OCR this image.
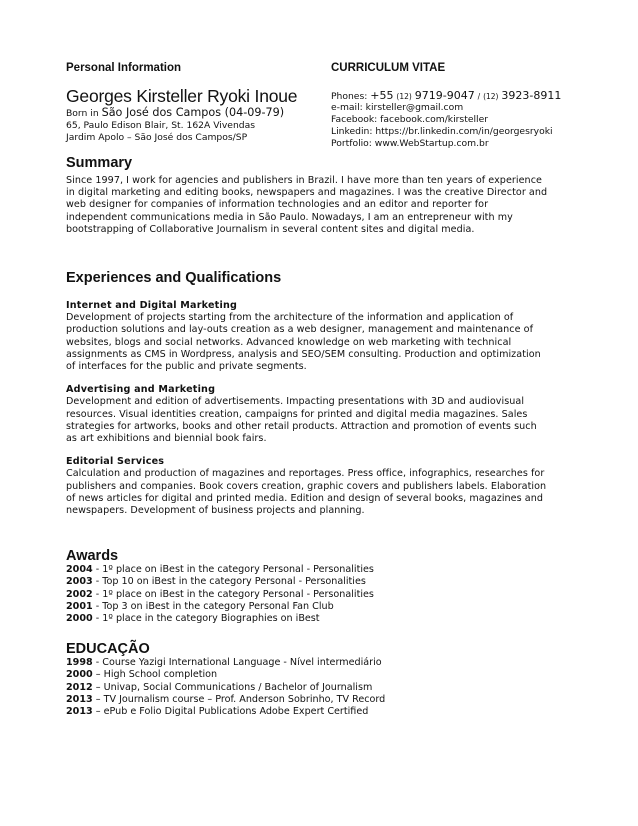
Personal Information
Georges Kirsteller Ryoki Inoue
Born in São José dos Campos (04-09-79)
65, Paulo Edison Blair, St. 162A Vivendas
Jardim Apolo – São José dos Campos/SP
CURRICULUM VITAE
Phones: +55 (12) 9719-9047 / (12) 3923-8911
e-mail: kirsteller@gmail.com
Facebook: facebook.com/kirsteller
Linkedin: https://br.linkedin.com/in/georgesryoki
Portfolio: www.WebStartup.com.br
Summary
Since 1997, I work for agencies and publishers in Brazil. I have more than ten years of experience
in digital marketing and editing books, newspapers and magazines. I was the creative Director and
web designer for companies of information technologies and an editor and reporter for
independent communications media in São Paulo. Nowadays, I am an entrepreneur with my
bootstrapping of Collaborative Journalism in several content sites and digital media.
Experiences and Qualifications
Internet and Digital Marketing
Development of projects starting from the architecture of the information and application of
production solutions and lay-outs creation as a web designer, management and maintenance of
websites, blogs and social networks. Advanced knowledge on web marketing with technical
assignments as CMS in Wordpress, analysis and SEO/SEM consulting. Production and optimization
of interfaces for the public and private segments.
Advertising and Marketing
Development and edition of advertisements. Impacting presentations with 3D and audiovisual
resources. Visual identities creation, campaigns for printed and digital media magazines. Sales
strategies for artworks, books and other retail products. Attraction and promotion of events such
as art exhibitions and biennial book fairs.
Editorial Services
Calculation and production of magazines and reportages. Press office, infographics, researches for
publishers and companies. Book covers creation, graphic covers and publishers labels. Elaboration
of news articles for digital and printed media. Edition and design of several books, magazines and
newspapers. Development of business projects and planning.
Awards
2004 - 1º place on iBest in the category Personal - Personalities
2003 - Top 10 on iBest in the category Personal - Personalities
2002 - 1º place on iBest in the category Personal - Personalities
2001 - Top 3 on iBest in the category Personal Fan Club
2000 - 1º place in the category Biographies on iBest
EDUCAÇÃO
1998 - Course Yazigi International Language - Nível intermediário
2000 – High School completion
2012 – Univap, Social Communications / Bachelor of Journalism
2013 – TV Journalism course – Prof. Anderson Sobrinho, TV Record
2013 – ePub e Folio Digital Publications Adobe Expert Certified
